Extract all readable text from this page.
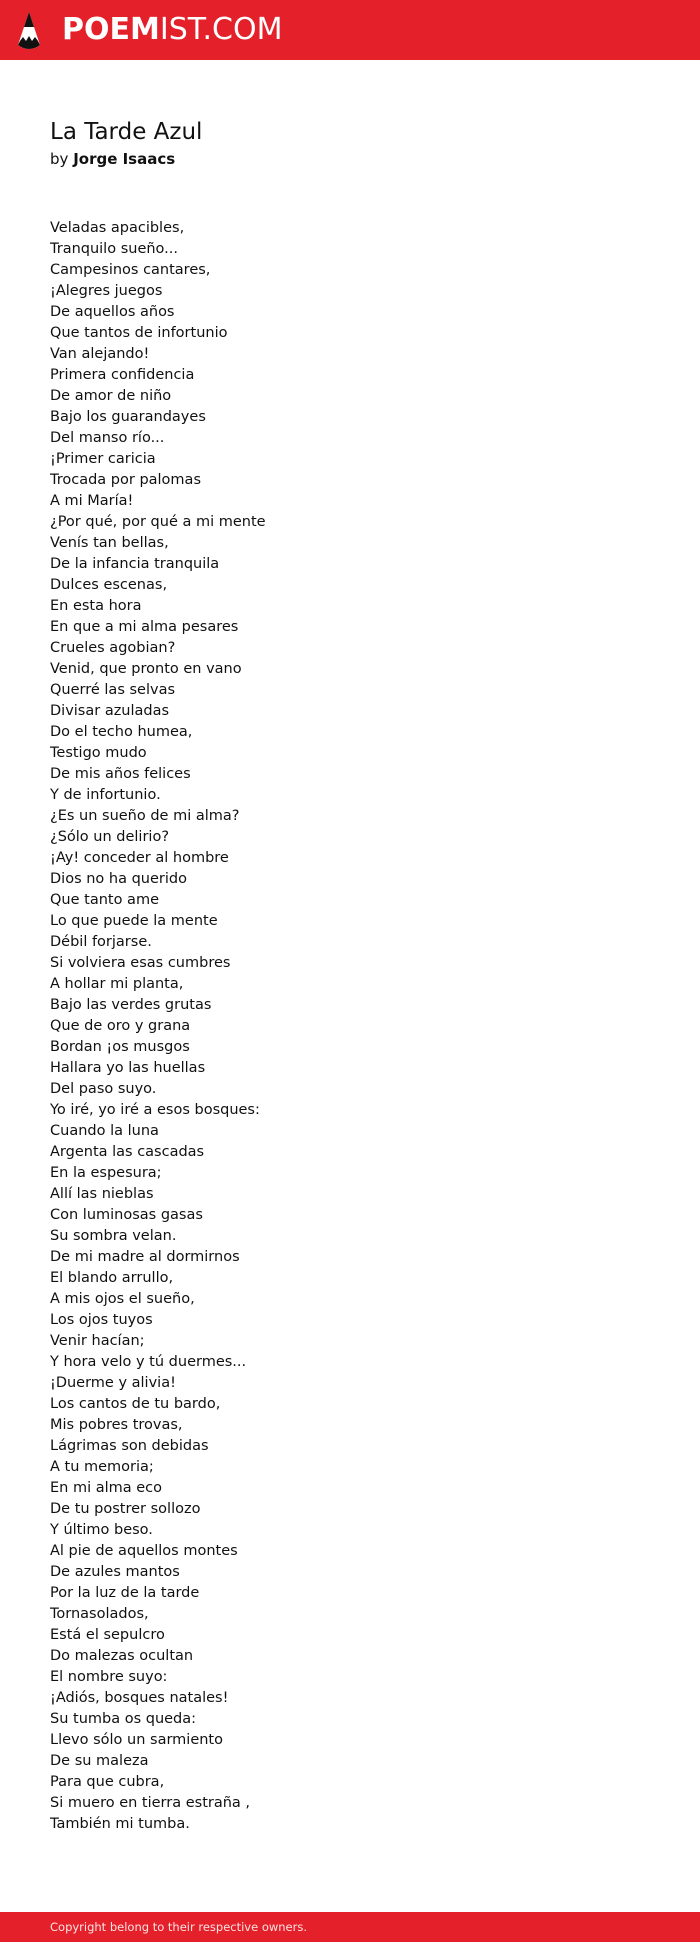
POEMIST.COM
La Tarde Azul
by Jorge Isaacs
Veladas apacibles,
Tranquilo sueño...
Campesinos cantares,
¡Alegres juegos
De aquellos años
Que tantos de infortunio
Van alejando!
Primera confidencia
De amor de niño
Bajo los guarandayes
Del manso río...
¡Primer caricia
Trocada por palomas
A mi María!
¿Por qué, por qué a mi mente
Venís tan bellas,
De la infancia tranquila
Dulces escenas,
En esta hora
En que a mi alma pesares
Crueles agobian?
Venid, que pronto en vano
Querré las selvas
Divisar azuladas
Do el techo humea,
Testigo mudo
De mis años felices
Y de infortunio.
¿Es un sueño de mi alma?
¿Sólo un delirio?
¡Ay! conceder al hombre
Dios no ha querido
Que tanto ame
Lo que puede la mente
Débil forjarse.
Si volviera esas cumbres
A hollar mi planta,
Bajo las verdes grutas
Que de oro y grana
Bordan ¡os musgos
Hallara yo las huellas
Del paso suyo.
Yo iré, yo iré a esos bosques:
Cuando la luna
Argenta las cascadas
En la espesura;
Allí las nieblas
Con luminosas gasas
Su sombra velan.
De mi madre al dormirnos
El blando arrullo,
A mis ojos el sueño,
Los ojos tuyos
Venir hacían;
Y hora velo y tú duermes...
¡Duerme y alivia!
Los cantos de tu bardo,
Mis pobres trovas,
Lágrimas son debidas
A tu memoria;
En mi alma eco
De tu postrer sollozo
Y último beso.
Al pie de aquellos montes
De azules mantos
Por la luz de la tarde
Tornasolados,
Está el sepulcro
Do malezas ocultan
El nombre suyo:
¡Adiós, bosques natales!
Su tumba os queda:
Llevo sólo un sarmiento
De su maleza
Para que cubra,
Si muero en tierra estraña ,
También mi tumba.
Copyright belong to their respective owners.
